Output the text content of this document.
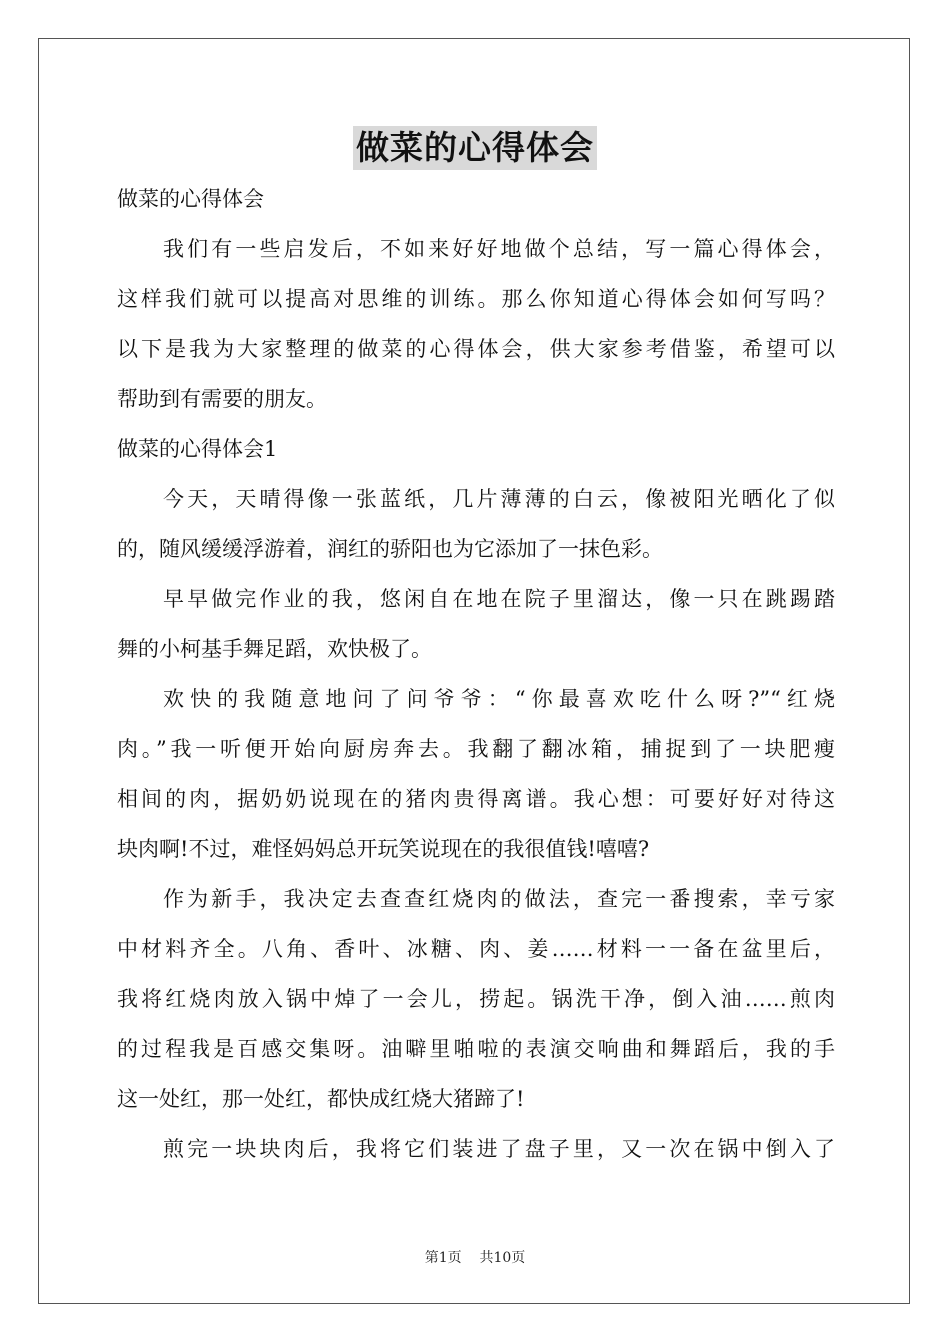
做菜的心得体会
做菜的心得体会
我们有一些启发后，不如来好好地做个总结，写一篇心得体会，
这样我们就可以提高对思维的训练。那么你知道心得体会如何写吗？
以下是我为大家整理的做菜的心得体会，供大家参考借鉴，希望可以
帮助到有需要的朋友。
做菜的心得体会1
今天，天晴得像一张蓝纸，几片薄薄的白云，像被阳光晒化了似
的，随风缓缓浮游着，润红的骄阳也为它添加了一抹色彩。
早早做完作业的我，悠闲自在地在院子里溜达，像一只在跳踢踏
舞的小柯基手舞足蹈，欢快极了。
欢快的我随意地问了问爷爷：“你最喜欢吃什么呀?”“红烧
肉。”我一听便开始向厨房奔去。我翻了翻冰箱，捕捉到了一块肥瘦
相间的肉，据奶奶说现在的猪肉贵得离谱。我心想：可要好好对待这
块肉啊!不过，难怪妈妈总开玩笑说现在的我很值钱!嘻嘻?
作为新手，我决定去查查红烧肉的做法，查完一番搜索，幸亏家
中材料齐全。八角、香叶、冰糖、肉、姜……材料一一备在盆里后，
我将红烧肉放入锅中焯了一会儿，捞起。锅洗干净，倒入油……煎肉
的过程我是百感交集呀。油噼里啪啦的表演交响曲和舞蹈后，我的手
这一处红，那一处红，都快成红烧大猪蹄了!
煎完一块块肉后，我将它们装进了盘子里，又一次在锅中倒入了
第1页 共10页
